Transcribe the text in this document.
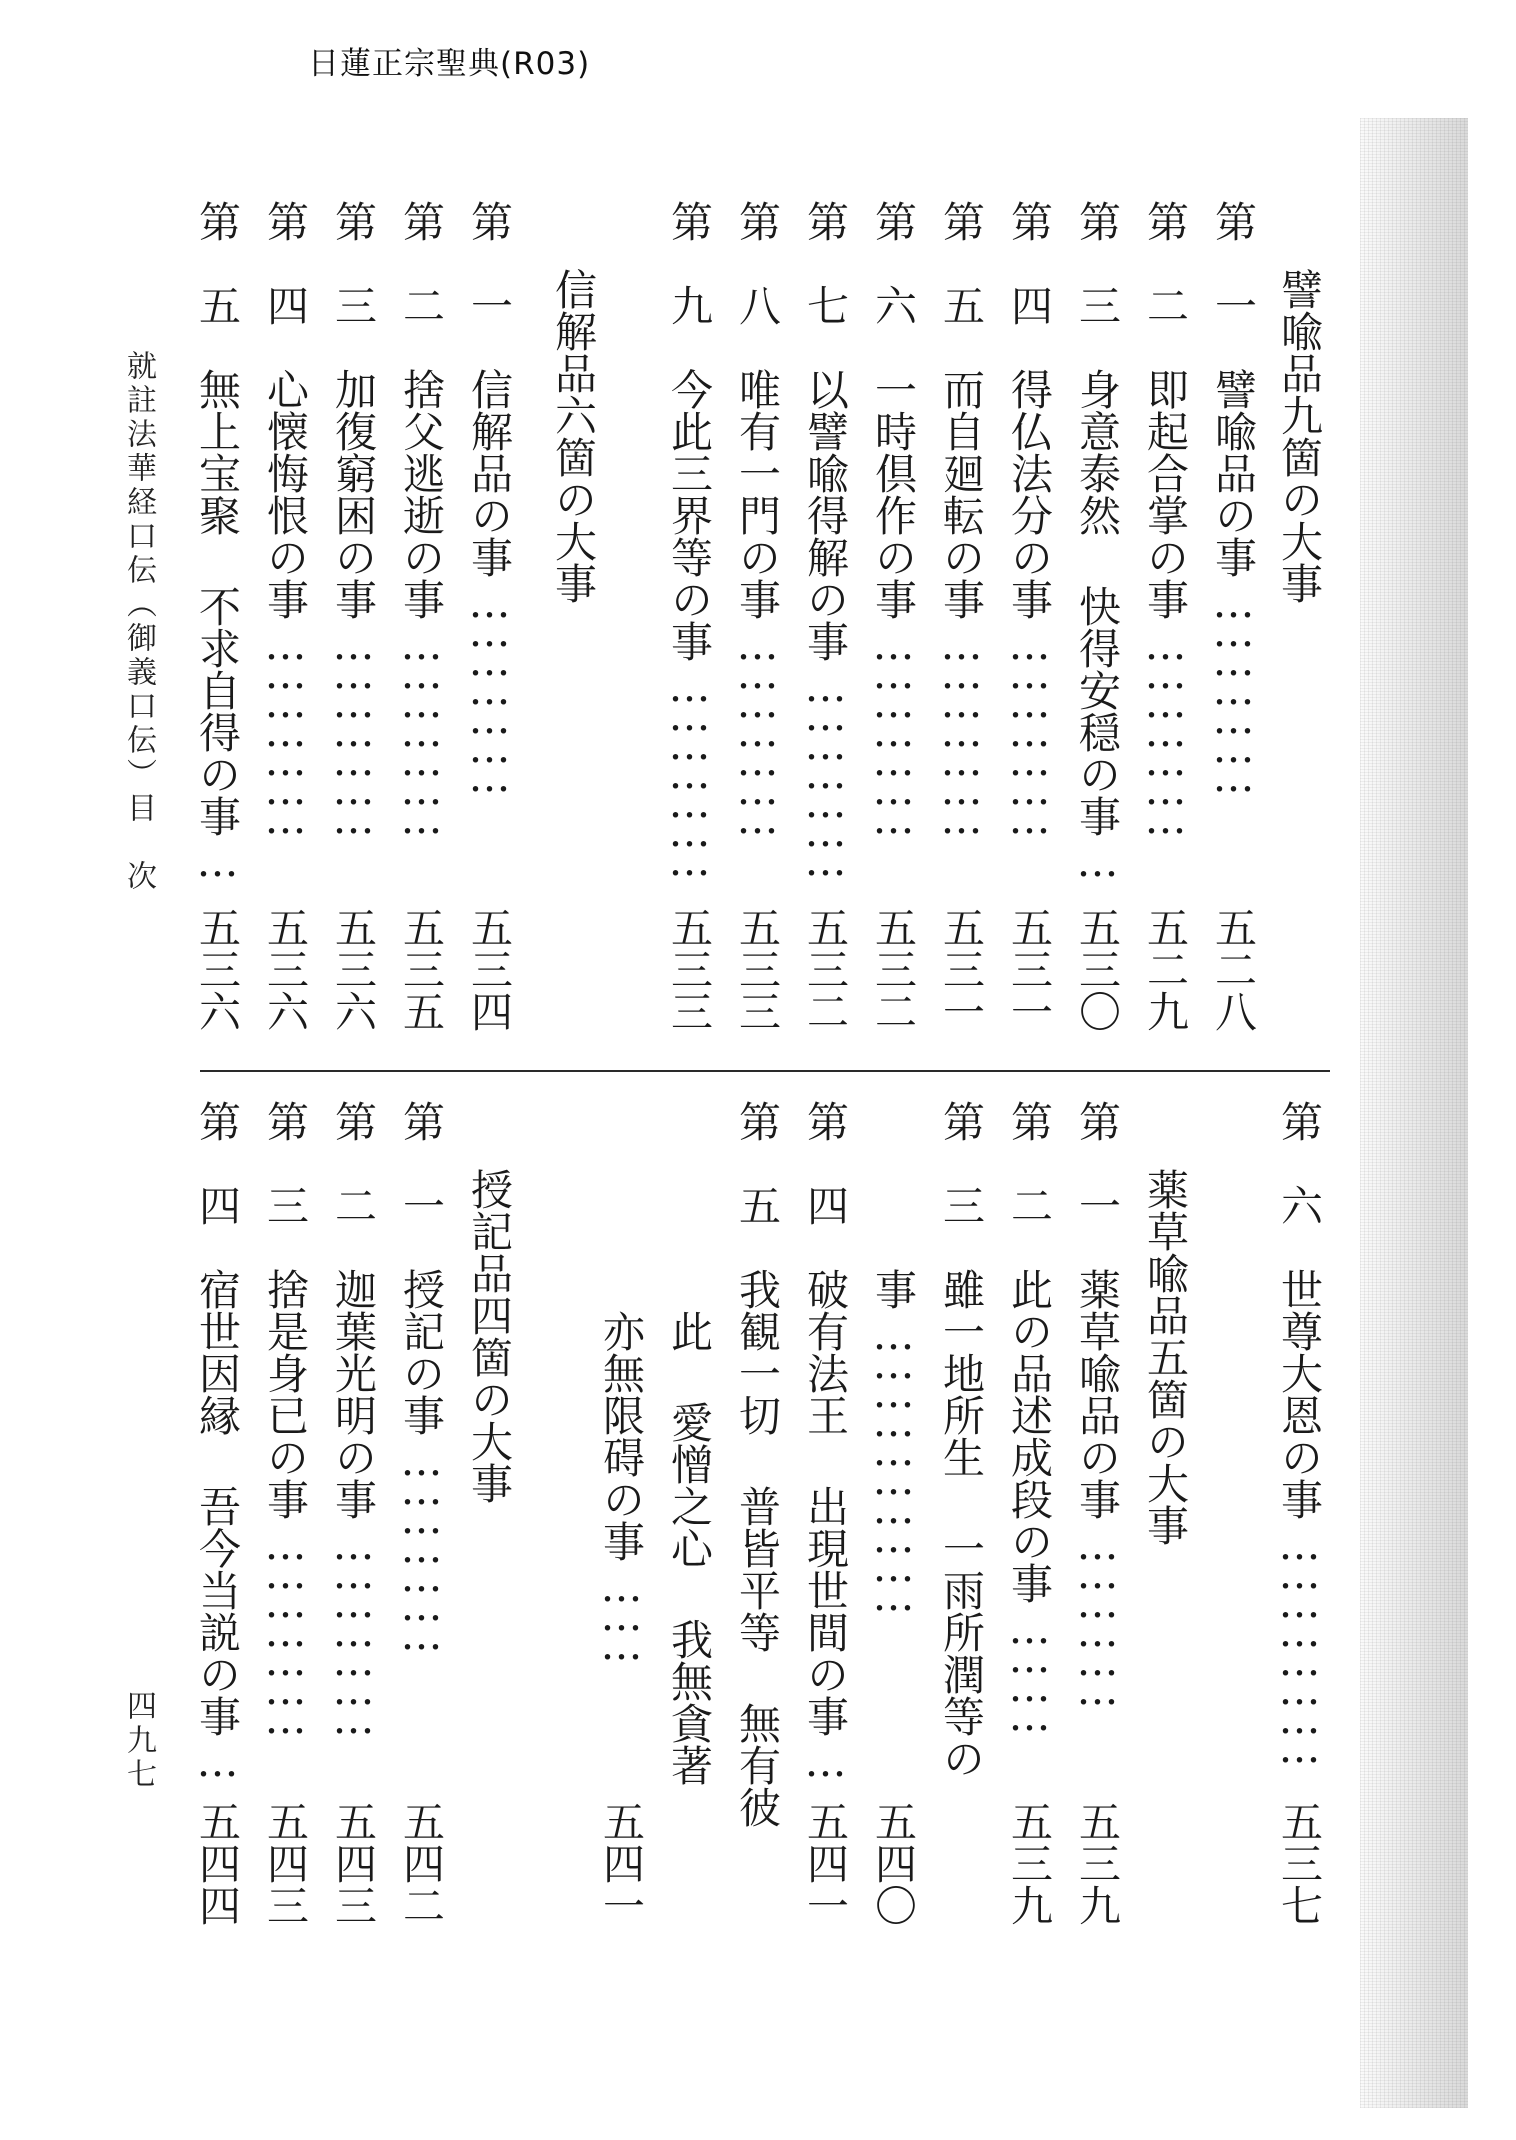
日蓮正宗聖典(R03)
譬喩品九箇の大事
第　一　譬喩品の事…………………
五二八
第　二　即起合掌の事…………………
五二九
第　三　身意泰然 快得安穏の事…
五三〇
第　四　得仏法分の事…………………
五三一
第　五　而自廻転の事…………………
五三一
第　六　一時倶作の事…………………
五三二
第　七　以譬喩得解の事…………………
五三二
第　八　唯有一門の事…………………
五三三
第　九　今此三界等の事…………………
五三三
信解品六箇の大事
第　一　信解品の事…………………
五三四
第　二　捨父逃逝の事…………………
五三五
第　三　加復窮困の事…………………
五三六
第　四　心懐悔恨の事…………………
五三六
第　五　無上宝聚 不求自得の事…
五三六
第　六　世尊大恩の事……………………
五三七
薬草喩品五箇の大事
第　一　薬草喩品の事………………
五三九
第　二　此の品述成段の事…………
五三九
第　三　雖一地所生 一雨所潤等の
　　　　事…………………………
五四〇
第　四　破有法王 出現世間の事…
五四一
第　五　我観一切 普皆平等 無有彼
　　　　　此 愛憎之心 我無貪著
　　　　　亦無限碍の事………
五四一
授記品四箇の大事
第　一　授記の事…………………
五四二
第　二　迦葉光明の事…………………
五四三
第　三　捨是身已の事…………………
五四三
第　四　宿世因縁 吾今当説の事…
五四四
就註法華経口伝（御義口伝）目　次
四九七
